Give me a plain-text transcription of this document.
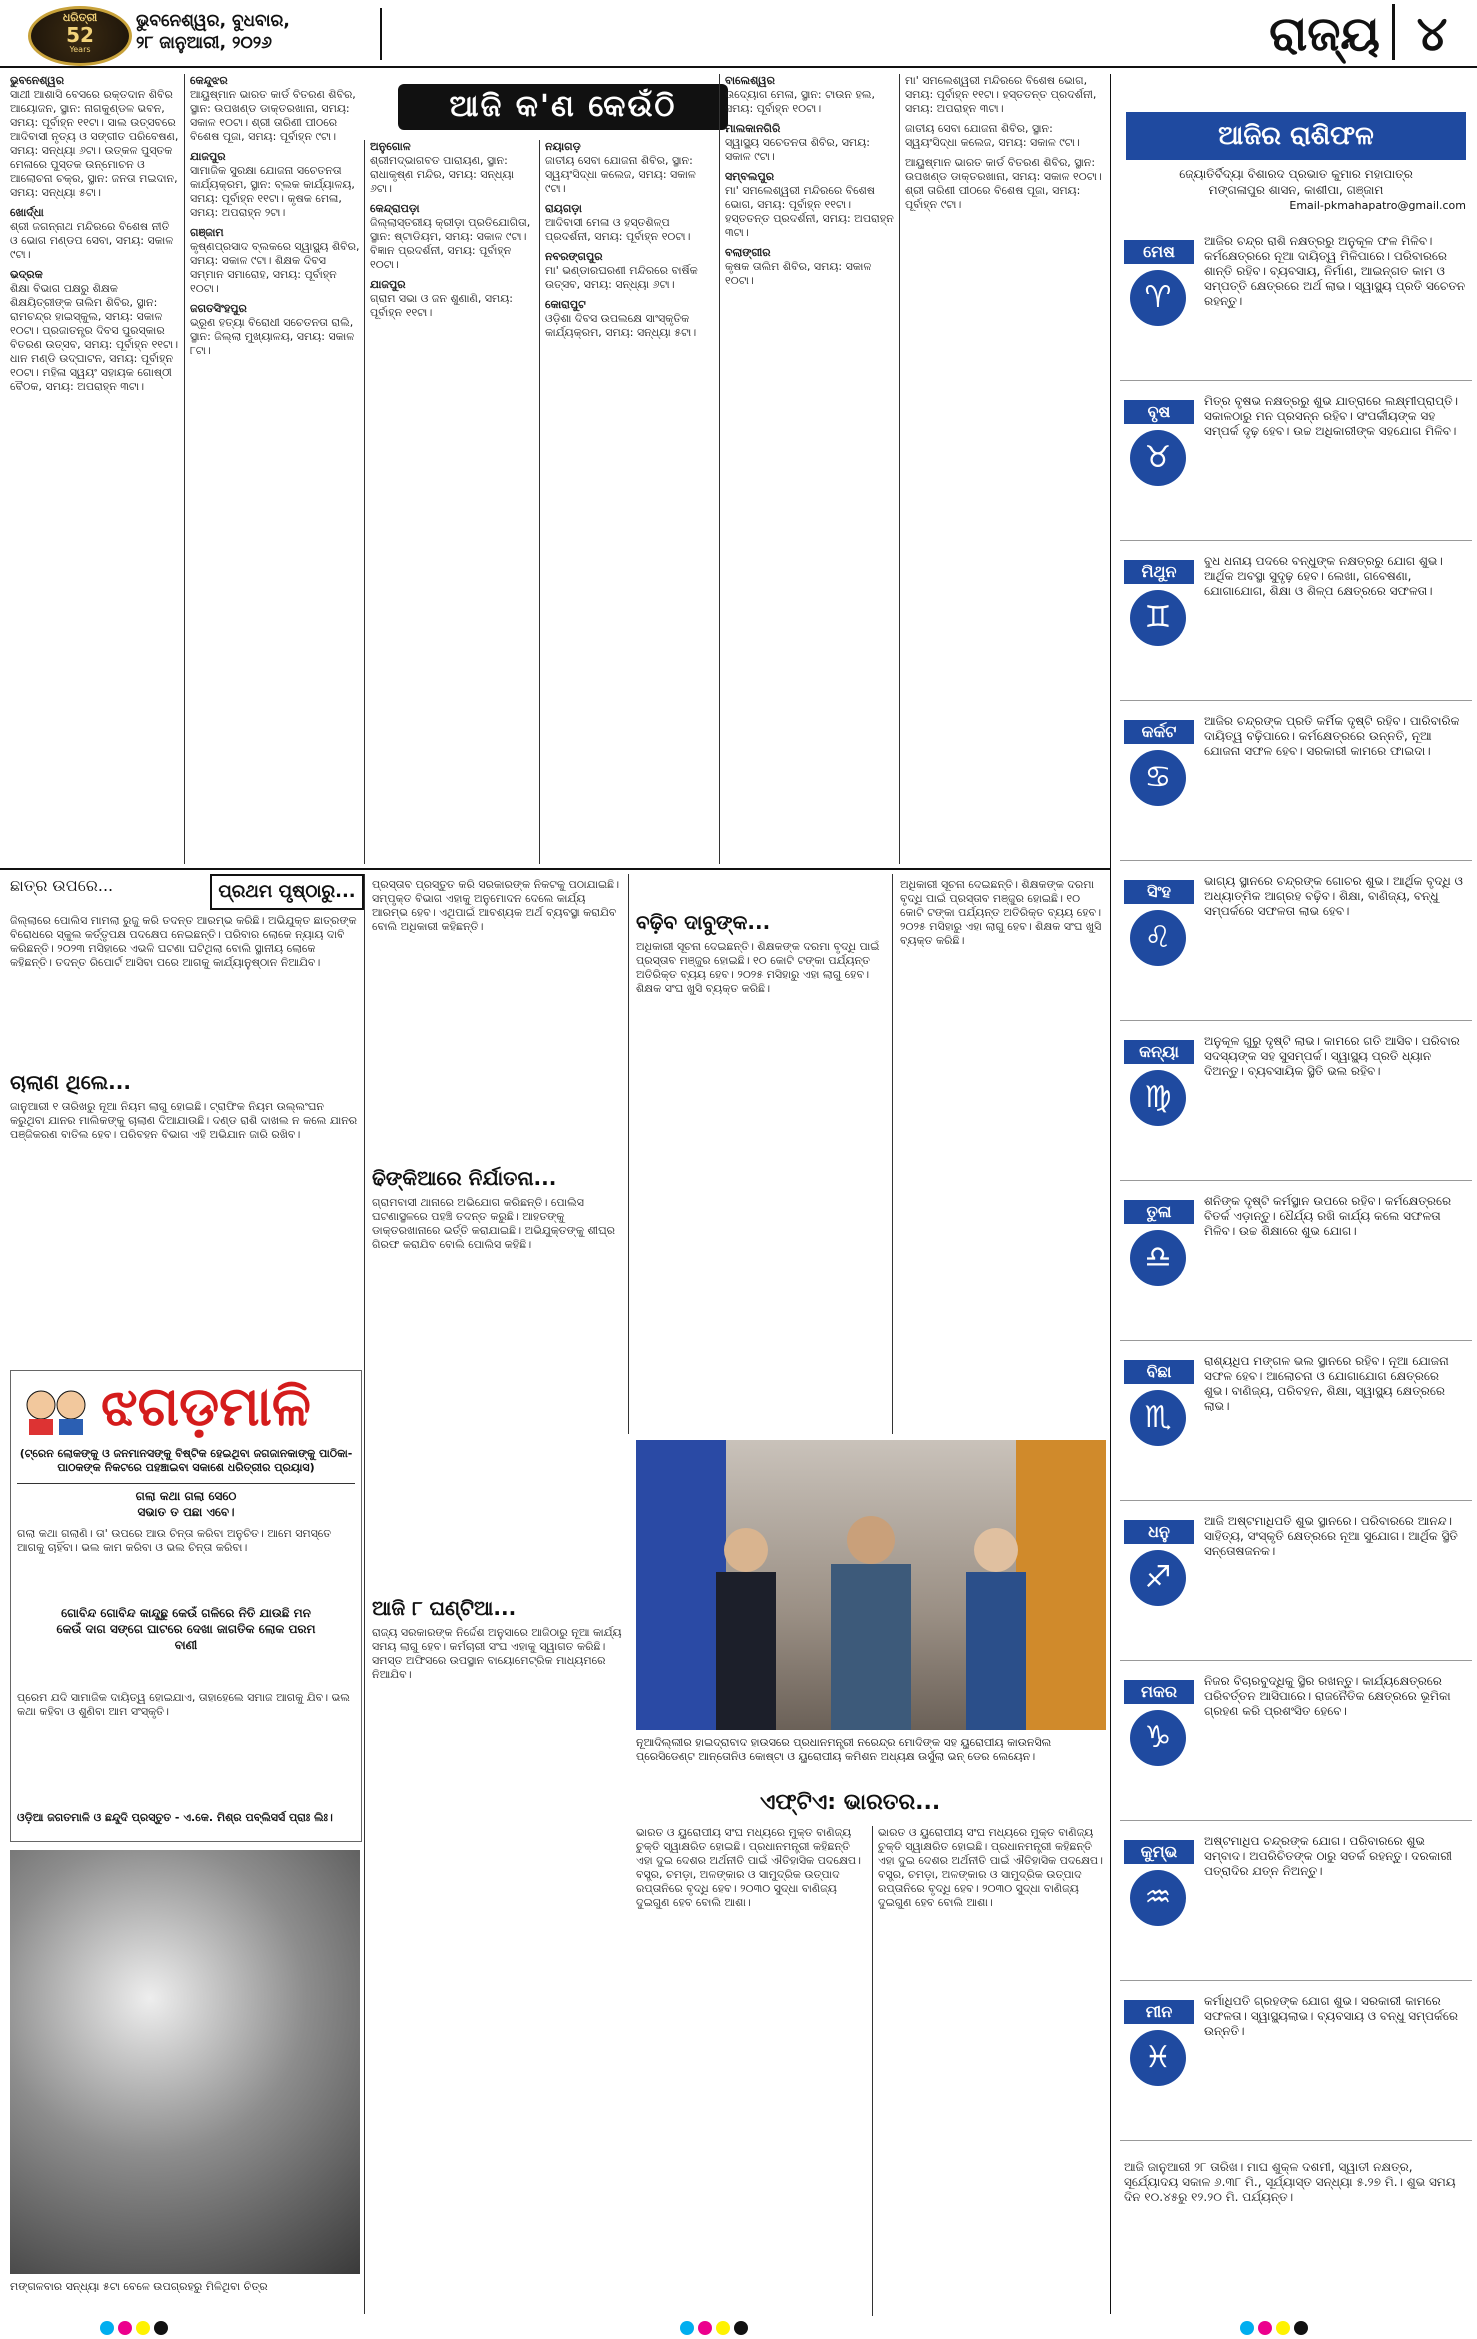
ଧରିତ୍ରୀ
52
Years
ଭୁବନେଶ୍ୱର, ବୁଧବାର,
୨୮ ଜାନୁଆରୀ, ୨୦୨୬	ରାଜ୍ୟ ୪
ଆଜି କ'ଣ କେଉଁଠି
ଭୁବନେଶ୍ୱର
ସାଥୀ ଆଶାସି ବେସରେ ରକ୍ତଦାନ ଶିବିର ଆୟୋଜନ, ସ୍ଥାନ: ନାଗକୁଣ୍ଡଳ ଭବନ, ସମୟ: ପୂର୍ବାହ୍ନ ୧୧ଟା। ସାଲ ଉତ୍ସବରେ ଆଦିବାସୀ ନୃତ୍ୟ ଓ ସଙ୍ଗୀତ ପରିବେଷଣ, ସମୟ: ସନ୍ଧ୍ୟା ୬ଟା। ଉତ୍କଳ ପୁସ୍ତକ ମେଳାରେ ପୁସ୍ତକ ଉନ୍ମୋଚନ ଓ ଆଲୋଚନା ଚକ୍ର, ସ୍ଥାନ: ଜନତା ମଇଦାନ, ସମୟ: ସନ୍ଧ୍ୟା ୫ଟା।
ଖୋର୍ଦ୍ଧା
ଶ୍ରୀ ଜଗନ୍ନାଥ ମନ୍ଦିରରେ ବିଶେଷ ନୀତି ଓ ଭୋଗ ମଣ୍ଡପ ସେବା, ସମୟ: ସକାଳ ୯ଟା।
ଭଦ୍ରକ
ଶିକ୍ଷା ବିଭାଗ ପକ୍ଷରୁ ଶିକ୍ଷକ ଶିକ୍ଷୟିତ୍ରୀଙ୍କ ତାଲିମ ଶିବିର, ସ୍ଥାନ: ରାମଚନ୍ଦ୍ର ହାଇସ୍କୁଲ, ସମୟ: ସକାଳ ୧୦ଟା। ପ୍ରଜାତନ୍ତ୍ର ଦିବସ ପୁରସ୍କାର ବିତରଣ ଉତ୍ସବ, ସମୟ: ପୂର୍ବାହ୍ନ ୧୧ଟା। ଧାନ ମଣ୍ଡି ଉଦ୍‌ଘାଟନ, ସମୟ: ପୂର୍ବାହ୍ନ ୧୦ଟା। ମହିଳା ସ୍ୱୟଂ ସହାୟକ ଗୋଷ୍ଠୀ ବୈଠକ, ସମୟ: ଅପରାହ୍ନ ୩ଟା।
କେନ୍ଦୁଝର
ଆୟୁଷ୍ମାନ ଭାରତ କାର୍ଡ ବିତରଣ ଶିବିର, ସ୍ଥାନ: ଉପଖଣ୍ଡ ଡାକ୍ତରଖାନା, ସମୟ: ସକାଳ ୧୦ଟା। ଶ୍ରୀ ତାରିଣୀ ପୀଠରେ ବିଶେଷ ପୂଜା, ସମୟ: ପୂର୍ବାହ୍ନ ୯ଟା।
ଯାଜପୁର
ସାମାଜିକ ସୁରକ୍ଷା ଯୋଜନା ସଚେତନତା କାର୍ଯ୍ୟକ୍ରମ, ସ୍ଥାନ: ବ୍ଲକ କାର୍ଯ୍ୟାଳୟ, ସମୟ: ପୂର୍ବାହ୍ନ ୧୧ଟା। କୃଷକ ମେଳା, ସମୟ: ଅପରାହ୍ନ ୨ଟା।
ଗଞ୍ଜାମ
କୃଷ୍ଣପ୍ରସାଦ ବ୍ଲକରେ ସ୍ୱାସ୍ଥ୍ୟ ଶିବିର, ସମୟ: ସକାଳ ୯ଟା। ଶିକ୍ଷକ ଦିବସ ସମ୍ମାନ ସମାରୋହ, ସମୟ: ପୂର୍ବାହ୍ନ ୧୦ଟା।
ଜଗତସିଂହପୁର
ଭ୍ରୂଣ ହତ୍ୟା ବିରୋଧୀ ସଚେତନତା ରାଲି, ସ୍ଥାନ: ଜିଲ୍ଲା ମୁଖ୍ୟାଳୟ, ସମୟ: ସକାଳ ୮ଟା।
ଅନୁଗୋଳ
ଶ୍ରୀମଦ୍ଭାଗବତ ପାରାୟଣ, ସ୍ଥାନ: ରାଧାକୃଷ୍ଣ ମନ୍ଦିର, ସମୟ: ସନ୍ଧ୍ୟା ୬ଟା।
କେନ୍ଦ୍ରାପଡ଼ା
ଜିଲ୍ଲାସ୍ତରୀୟ କ୍ରୀଡ଼ା ପ୍ରତିଯୋଗିତା, ସ୍ଥାନ: ଷ୍ଟାଡିୟମ, ସମୟ: ସକାଳ ୯ଟା। ବିଜ୍ଞାନ ପ୍ରଦର୍ଶନୀ, ସମୟ: ପୂର୍ବାହ୍ନ ୧୦ଟା।
ଯାଜପୁର
ଗ୍ରାମ ସଭା ଓ ଜନ ଶୁଣାଣି, ସମୟ: ପୂର୍ବାହ୍ନ ୧୧ଟା।
ନୟାଗଡ଼
ଜାତୀୟ ସେବା ଯୋଜନା ଶିବିର, ସ୍ଥାନ: ସ୍ୱୟଂସିଦ୍ଧା କଲେଜ, ସମୟ: ସକାଳ ୯ଟା।
ରାୟଗଡ଼ା
ଆଦିବାସୀ ମେଳା ଓ ହସ୍ତଶିଳ୍ପ ପ୍ରଦର୍ଶନୀ, ସମୟ: ପୂର୍ବାହ୍ନ ୧୦ଟା।
ନବରଙ୍ଗପୁର
ମା' ଭଣ୍ଡାରଘରଣୀ ମନ୍ଦିରରେ ବାର୍ଷିକ ଉତ୍ସବ, ସମୟ: ସନ୍ଧ୍ୟା ୬ଟା।
କୋରାପୁଟ
ଓଡ଼ିଶା ଦିବସ ଉପଲକ୍ଷେ ସାଂସ୍କୃତିକ କାର୍ଯ୍ୟକ୍ରମ, ସମୟ: ସନ୍ଧ୍ୟା ୫ଟା।
ବାଲେଶ୍ୱର
ଉଦ୍ୟୋଗ ମେଳା, ସ୍ଥାନ: ଟାଉନ ହଲ, ସମୟ: ପୂର୍ବାହ୍ନ ୧୦ଟା।
ମାଲକାନଗିରି
ସ୍ୱାସ୍ଥ୍ୟ ସଚେତନତା ଶିବିର, ସମୟ: ସକାଳ ୯ଟା।
ସମ୍ବଲପୁର
ମା' ସମଲେଶ୍ୱରୀ ମନ୍ଦିରରେ ବିଶେଷ ଭୋଗ, ସମୟ: ପୂର୍ବାହ୍ନ ୧୧ଟା। ହସ୍ତତନ୍ତ ପ୍ରଦର୍ଶନୀ, ସମୟ: ଅପରାହ୍ନ ୩ଟା।
ବଲାଙ୍ଗୀର
କୃଷକ ତାଲିମ ଶିବିର, ସମୟ: ସକାଳ ୧୦ଟା।
ମା' ସମଲେଶ୍ୱରୀ ମନ୍ଦିରରେ ବିଶେଷ ଭୋଗ, ସମୟ: ପୂର୍ବାହ୍ନ ୧୧ଟା। ହସ୍ତତନ୍ତ ପ୍ରଦର୍ଶନୀ, ସମୟ: ଅପରାହ୍ନ ୩ଟା।
ଜାତୀୟ ସେବା ଯୋଜନା ଶିବିର, ସ୍ଥାନ: ସ୍ୱୟଂସିଦ୍ଧା କଲେଜ, ସମୟ: ସକାଳ ୯ଟା।
ଆୟୁଷ୍ମାନ ଭାରତ କାର୍ଡ ବିତରଣ ଶିବିର, ସ୍ଥାନ: ଉପଖଣ୍ଡ ଡାକ୍ତରଖାନା, ସମୟ: ସକାଳ ୧୦ଟା। ଶ୍ରୀ ତାରିଣୀ ପୀଠରେ ବିଶେଷ ପୂଜା, ସମୟ: ପୂର୍ବାହ୍ନ ୯ଟା।
ଆଜିର ରାଶିଫଳ
ଜ୍ୟୋତିର୍ବିଦ୍ୟା ବିଶାରଦ ପ୍ରଭାତ କୁମାର ମହାପାତ୍ର
ମଙ୍ଗଳାପୁର ଶାସନ, କାଶୀପା, ଗଞ୍ଜାମ
Email-pkmahapatro@gmail.com
ମେଷ
♈
ଆଜିର ଚନ୍ଦ୍ର ରାଶି ନକ୍ଷତ୍ରରୁ ଅନୁକୂଳ ଫଳ ମିଳିବ। କର୍ମକ୍ଷେତ୍ରରେ ନୂଆ ଦାୟିତ୍ୱ ମିଳିପାରେ। ପରିବାରରେ ଶାନ୍ତି ରହିବ। ବ୍ୟବସାୟ, ନିର୍ମାଣ, ଆଇନ୍‌ଗତ କାମ ଓ ସମ୍ପତ୍ତି କ୍ଷେତ୍ରରେ ଅର୍ଥ ଲାଭ। ସ୍ୱାସ୍ଥ୍ୟ ପ୍ରତି ସଚେତନ ରହନ୍ତୁ।
ବୃଷ
♉
ମିତ୍ର ବୃଷଭ ନକ୍ଷତ୍ରରୁ ଶୁଭ ଯାତ୍ରାରେ ଲକ୍ଷ୍ମୀପ୍ରାପ୍ତି। ସକାଳଠାରୁ ମନ ପ୍ରସନ୍ନ ରହିବ। ସଂପର୍କୀୟଙ୍କ ସହ ସମ୍ପର୍କ ଦୃଢ଼ ହେବ। ଉଚ୍ଚ ଅଧିକାରୀଙ୍କ ସହଯୋଗ ମିଳିବ।
ମିଥୁନ
♊
ବୁଧ ଧନାୟ ପଦରେ ବନ୍ଧୁଙ୍କ ନକ୍ଷତ୍ରରୁ ଯୋଗ ଶୁଭ। ଆର୍ଥିକ ଅବସ୍ଥା ସୁଦୃଢ଼ ହେବ। ଲେଖା, ଗବେଷଣା, ଯୋଗାଯୋଗ, ଶିକ୍ଷା ଓ ଶିଳ୍ପ କ୍ଷେତ୍ରରେ ସଫଳତା।
କର୍କଟ
♋
ଆଜିର ଚନ୍ଦ୍ରଙ୍କ ପ୍ରତି କର୍ମିକ ଦୃଷ୍ଟି ରହିବ। ପାରିବାରିକ ଦାୟିତ୍ୱ ବଢ଼ିପାରେ। କର୍ମକ୍ଷେତ୍ରରେ ଉନ୍ନତି, ନୂଆ ଯୋଜନା ସଫଳ ହେବ। ସରକାରୀ କାମରେ ଫାଇଦା।
ସିଂହ
♌
ଭାଗ୍ୟ ସ୍ଥାନରେ ଚନ୍ଦ୍ରଙ୍କ ଗୋଚର ଶୁଭ। ଆର୍ଥିକ ବୃଦ୍ଧି ଓ ଅଧ୍ୟାତ୍ମିକ ଆଗ୍ରହ ବଢ଼ିବ। ଶିକ୍ଷା, ବାଣିଜ୍ୟ, ବନ୍ଧୁ ସମ୍ପର୍କରେ ସଫଳତା ଲାଭ ହେବ।
କନ୍ୟା
♍
ଅନୁକୂଳ ଗୁରୁ ଦୃଷ୍ଟି ଲାଭ। କାମରେ ଗତି ଆସିବ। ପରିବାର ସଦସ୍ୟଙ୍କ ସହ ସୁସମ୍ପର୍କ। ସ୍ୱାସ୍ଥ୍ୟ ପ୍ରତି ଧ୍ୟାନ ଦିଅନ୍ତୁ। ବ୍ୟବସାୟିକ ସ୍ଥିତି ଭଲ ରହିବ।
ତୁଳା
♎
ଶନିଙ୍କ ଦୃଷ୍ଟି କର୍ମସ୍ଥାନ ଉପରେ ରହିବ। କର୍ମକ୍ଷେତ୍ରରେ ବିତର୍କ ଏଡ଼ାନ୍ତୁ। ଧୈର୍ଯ୍ୟ ରଖି କାର୍ଯ୍ୟ କଲେ ସଫଳତା ମିଳିବ। ଉଚ୍ଚ ଶିକ୍ଷାରେ ଶୁଭ ଯୋଗ।
ବିଛା
♏
ରାଶ୍ୟଧିପ ମଙ୍ଗଳ ଭଲ ସ୍ଥାନରେ ରହିବ। ନୂଆ ଯୋଜନା ସଫଳ ହେବ। ଆଲୋଚନା ଓ ଯୋଗାଯୋଗ କ୍ଷେତ୍ରରେ ଶୁଭ। ବାଣିଜ୍ୟ, ପରିବହନ, ଶିକ୍ଷା, ସ୍ୱାସ୍ଥ୍ୟ କ୍ଷେତ୍ରରେ ଲାଭ।
ଧନୁ
♐
ଆଜି ଅଷ୍ଟମାଧିପତି ଶୁଭ ସ୍ଥାନରେ। ପରିବାରରେ ଆନନ୍ଦ। ସାହିତ୍ୟ, ସଂସ୍କୃତି କ୍ଷେତ୍ରରେ ନୂଆ ସୁଯୋଗ। ଆର୍ଥିକ ସ୍ଥିତି ସନ୍ତୋଷଜନକ।
ମକର
♑
ନିଜର ବିଚାରବୁଦ୍ଧିକୁ ସ୍ଥିର ରଖନ୍ତୁ। କାର୍ଯ୍ୟକ୍ଷେତ୍ରରେ ପରିବର୍ତ୍ତନ ଆସିପାରେ। ରାଜନୈତିକ କ୍ଷେତ୍ରରେ ଭୂମିକା ଗ୍ରହଣ କରି ପ୍ରଶଂସିତ ହେବେ।
କୁମ୍ଭ
♒
ଅଷ୍ଟମାଧିପ ଚନ୍ଦ୍ରଙ୍କ ଯୋଗ। ପରିବାରରେ ଶୁଭ ସମ୍ବାଦ। ଅପରିଚିତଙ୍କ ଠାରୁ ସତର୍କ ରହନ୍ତୁ। ଦରକାରୀ ପତ୍ରାଦିର ଯତ୍ନ ନିଅନ୍ତୁ।
ମୀନ
♓
କର୍ମାଧିପତି ଗ୍ରହଙ୍କ ଯୋଗ ଶୁଭ। ସରକାରୀ କାମରେ ସଫଳତା। ସ୍ୱାସ୍ଥ୍ୟଲାଭ। ବ୍ୟବସାୟ ଓ ବନ୍ଧୁ ସମ୍ପର୍କରେ ଉନ୍ନତି।
ଆଜି ଜାନୁଆରୀ ୨୮ ତାରିଖ। ମାଘ ଶୁକ୍ଳ ଦଶମୀ, ସ୍ୱାତୀ ନକ୍ଷତ୍ର, ସୂର୍ଯ୍ୟୋଦୟ ସକାଳ ୬.୩୮ ମି., ସୂର୍ଯ୍ୟାସ୍ତ ସନ୍ଧ୍ୟା ୫.୨୭ ମି.। ଶୁଭ ସମୟ ଦିନ ୧୦.୪୫ରୁ ୧୨.୨୦ ମି. ପର୍ଯ୍ୟନ୍ତ।
ଛାତ୍ର ଉପରେ...	ପ୍ରଥମ ପୃଷ୍ଠାରୁ...
ଜିଲ୍ଲାରେ ପୋଲିସ ମାମଲା ରୁଜୁ କରି ତଦନ୍ତ ଆରମ୍ଭ କରିଛି। ଅଭିଯୁକ୍ତ ଛାତ୍ରଙ୍କ ବିରୋଧରେ ସ୍କୁଲ କର୍ତ୍ତୃପକ୍ଷ ପଦକ୍ଷେପ ନେଇଛନ୍ତି। ପରିବାର ଲୋକେ ନ୍ୟାୟ ଦାବି କରିଛନ୍ତି। ୨୦୨୩ ମସିହାରେ ଏଭଳି ଘଟଣା ଘଟିଥିଲା ବୋଲି ସ୍ଥାନୀୟ ଲୋକେ କହିଛନ୍ତି। ତଦନ୍ତ ରିପୋର୍ଟ ଆସିବା ପରେ ଆଗକୁ କାର୍ଯ୍ୟାନୁଷ୍ଠାନ ନିଆଯିବ।
ଚାଲାଣ ଥିଲେ...
ଜାନୁଆରୀ ୧ ତାରିଖରୁ ନୂଆ ନିୟମ ଲାଗୁ ହୋଇଛି। ଟ୍ରାଫିକ ନିୟମ ଉଲ୍ଲଂଘନ କରୁଥିବା ଯାନର ମାଲିକଙ୍କୁ ଚାଲାଣ ଦିଆଯାଉଛି। ଦଣ୍ଡ ରାଶି ଦାଖଲ ନ କଲେ ଯାନର ପଞ୍ଜିକରଣ ବାତିଲ ହେବ। ପରିବହନ ବିଭାଗ ଏହି ଅଭିଯାନ ଜାରି ରଖିବ।
ଝଗଡ଼ମାଳି
(ଟ୍ରେନ ଲୋକଙ୍କୁ ଓ ଜନମାନସଙ୍କୁ ବିଷ୍ଟିକ ହେଇଥିବା ଜଗଜାନକାଙ୍କୁ ପାଠିକା-ପାଠକଙ୍କ ନିକଟରେ ପହଞ୍ଚାଇବା ସକାଶେ ଧରିତ୍ରୀର ପ୍ରୟାସ)
ଗଲା କଥା ଗଲା ସେଠେ
ସଭାତ ତ ପଛା ଏବେ।
ଗଲା କଥା ଗଲାଣି। ତା' ଉପରେ ଆଉ ଚିନ୍ତା କରିବା ଅନୁଚିତ। ଆମେ ସମସ୍ତେ ଆଗକୁ ଚାହିଁବା। ଭଲ କାମ କରିବା ଓ ଭଲ ଚିନ୍ତା କରିବା।
ଗୋବିନ୍ଦ ଗୋବିନ୍ଦ କାନ୍ଦୁଛୁ କେଉଁ ଗଳିରେ ନିତି ଯାଉଛି ମନ କେଉଁ ଦାଗ ସଙ୍ଗେ ଘାଟରେ ଦେଖା ଜାଗତିକ ଲୋକ ପରମ ବାଣୀ
ପ୍ରେମ ଯଦି ସାମାଜିକ ଦାୟିତ୍ୱ ହୋଇଯାଏ, ତାହାହେଲେ ସମାଜ ଆଗକୁ ଯିବ। ଭଲ କଥା କହିବା ଓ ଶୁଣିବା ଆମ ସଂସ୍କୃତି।
ଓଡ଼ିଆ ଜଗତମାଳି ଓ ଛନ୍ଦୁଦି ପ୍ରସ୍ତୁତ - ଏ.କେ. ମିଶ୍ର ପବ୍ଲିସର୍ସ ପ୍ରାଃ ଲିଃ।
ମଙ୍ଗଳବାର ସନ୍ଧ୍ୟା ୫ଟା ବେଳେ ଉପଗ୍ରହରୁ ମିଳିଥିବା ଚିତ୍ର
ପ୍ରସ୍ତାବ ପ୍ରସ୍ତୁତ କରି ସରକାରଙ୍କ ନିକଟକୁ ପଠାଯାଇଛି। ସମ୍ପୃକ୍ତ ବିଭାଗ ଏହାକୁ ଅନୁମୋଦନ ଦେଲେ କାର୍ଯ୍ୟ ଆରମ୍ଭ ହେବ। ଏଥିପାଇଁ ଆବଶ୍ୟକ ଅର୍ଥ ବ୍ୟବସ୍ଥା କରାଯିବ ବୋଲି ଅଧିକାରୀ କହିଛନ୍ତି।
ଢିଙ୍କିଆରେ ନିର୍ଯାତନା...
ଗ୍ରାମବାସୀ ଥାନାରେ ଅଭିଯୋଗ କରିଛନ୍ତି। ପୋଲିସ ଘଟଣାସ୍ଥଳରେ ପହଞ୍ଚି ତଦନ୍ତ କରୁଛି। ଆହତଙ୍କୁ ଡାକ୍ତରଖାନାରେ ଭର୍ତ୍ତି କରାଯାଇଛି। ଅଭିଯୁକ୍ତଙ୍କୁ ଶୀଘ୍ର ଗିରଫ କରାଯିବ ବୋଲି ପୋଲିସ କହିଛି।
ଆଜି ୮ ଘଣ୍ଟିଆ...
ରାଜ୍ୟ ସରକାରଙ୍କ ନିର୍ଦ୍ଦେଶ ଅନୁସାରେ ଆଜିଠାରୁ ନୂଆ କାର୍ଯ୍ୟ ସମୟ ଲାଗୁ ହେବ। କର୍ମଚାରୀ ସଂଘ ଏହାକୁ ସ୍ୱାଗତ କରିଛି। ସମସ୍ତ ଅଫିସରେ ଉପସ୍ଥାନ ବାୟୋମେଟ୍ରିକ ମାଧ୍ୟମରେ ନିଆଯିବ।
ବଢ଼ିବ ଦାବୁଙ୍କ...
ଅଧିକାରୀ ସୂଚନା ଦେଇଛନ୍ତି। ଶିକ୍ଷକଙ୍କ ଦରମା ବୃଦ୍ଧି ପାଇଁ ପ୍ରସ୍ତାବ ମଞ୍ଜୁର ହୋଇଛି। ୧୦ କୋଟି ଟଙ୍କା ପର୍ଯ୍ୟନ୍ତ ଅତିରିକ୍ତ ବ୍ୟୟ ହେବ। ୨୦୨୫ ମସିହାରୁ ଏହା ଲାଗୁ ହେବ। ଶିକ୍ଷକ ସଂଘ ଖୁସି ବ୍ୟକ୍ତ କରିଛି।
ଅଧିକାରୀ ସୂଚନା ଦେଇଛନ୍ତି। ଶିକ୍ଷକଙ୍କ ଦରମା ବୃଦ୍ଧି ପାଇଁ ପ୍ରସ୍ତାବ ମଞ୍ଜୁର ହୋଇଛି। ୧୦ କୋଟି ଟଙ୍କା ପର୍ଯ୍ୟନ୍ତ ଅତିରିକ୍ତ ବ୍ୟୟ ହେବ। ୨୦୨୫ ମସିହାରୁ ଏହା ଲାଗୁ ହେବ। ଶିକ୍ଷକ ସଂଘ ଖୁସି ବ୍ୟକ୍ତ କରିଛି।
ନୂଆଦିଲ୍ଲୀର ହାଇଦ୍ରାବାଦ ହାଉସରେ ପ୍ରଧାନମନ୍ତ୍ରୀ ନରେନ୍ଦ୍ର ମୋଦିଙ୍କ ସହ ୟୁରୋପୀୟ କାଉନସିଲ ପ୍ରେସିଡେଣ୍ଟ ଆନ୍ତୋନିଓ କୋଷ୍ଟା ଓ ୟୁରୋପୀୟ କମିଶନ ଅଧ୍ୟକ୍ଷ ଉର୍ସୁଲା ଭନ୍ ଡେର ଲେୟେନ।
ଏଫ୍‌ଟିଏ: ଭାରତର...
ଭାରତ ଓ ୟୁରୋପୀୟ ସଂଘ ମଧ୍ୟରେ ମୁକ୍ତ ବାଣିଜ୍ୟ ଚୁକ୍ତି ସ୍ୱାକ୍ଷରିତ ହୋଇଛି। ପ୍ରଧାନମନ୍ତ୍ରୀ କହିଛନ୍ତି ଏହା ଦୁଇ ଦେଶର ଅର୍ଥନୀତି ପାଇଁ ଐତିହାସିକ ପଦକ୍ଷେପ। ବସ୍ତ୍ର, ଚମଡ଼ା, ଅଳଙ୍କାର ଓ ସାମୁଦ୍ରିକ ଉତ୍ପାଦ ରପ୍ତାନିରେ ବୃଦ୍ଧି ହେବ। ୨୦୩୦ ସୁଦ୍ଧା ବାଣିଜ୍ୟ ଦୁଇଗୁଣ ହେବ ବୋଲି ଆଶା।
ଭାରତ ଓ ୟୁରୋପୀୟ ସଂଘ ମଧ୍ୟରେ ମୁକ୍ତ ବାଣିଜ୍ୟ ଚୁକ୍ତି ସ୍ୱାକ୍ଷରିତ ହୋଇଛି। ପ୍ରଧାନମନ୍ତ୍ରୀ କହିଛନ୍ତି ଏହା ଦୁଇ ଦେଶର ଅର୍ଥନୀତି ପାଇଁ ଐତିହାସିକ ପଦକ୍ଷେପ। ବସ୍ତ୍ର, ଚମଡ଼ା, ଅଳଙ୍କାର ଓ ସାମୁଦ୍ରିକ ଉତ୍ପାଦ ରପ୍ତାନିରେ ବୃଦ୍ଧି ହେବ। ୨୦୩୦ ସୁଦ୍ଧା ବାଣିଜ୍ୟ ଦୁଇଗୁଣ ହେବ ବୋଲି ଆଶା।
